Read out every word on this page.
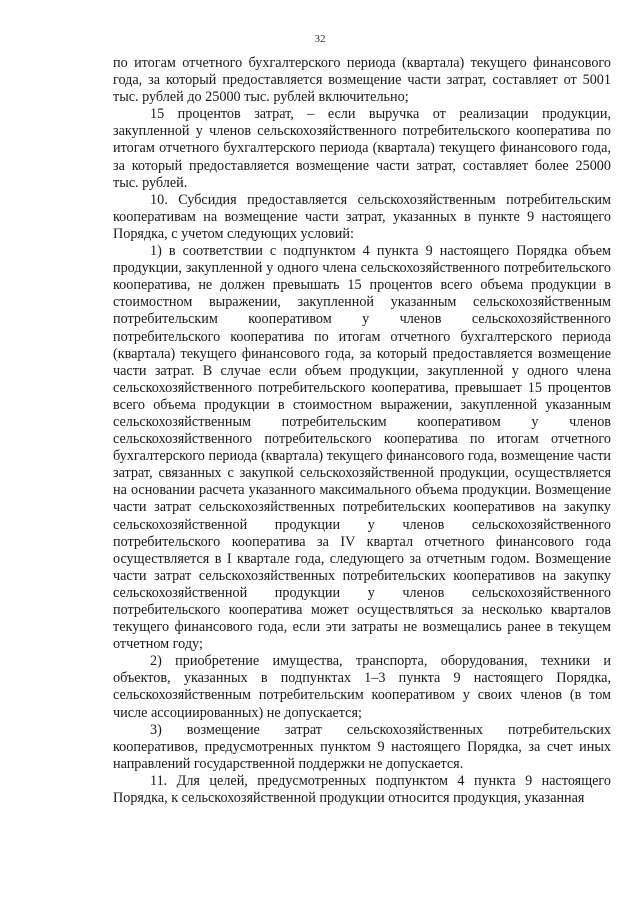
32

по итогам отчетного бухгалтерского периода (квартала) текущего финансового года, за который предоставляется возмещение части затрат, составляет от 5001 тыс. рублей до 25000 тыс. рублей включительно;

15 процентов затрат, – если выручка от реализации продукции, закупленной у членов сельскохозяйственного потребительского кооператива по итогам отчетного бухгалтерского периода (квартала) текущего финансового года, за который предоставляется возмещение части затрат, составляет более 25000 тыс. рублей.

10. Субсидия предоставляется сельскохозяйственным потребительским кооперативам на возмещение части затрат, указанных в пункте 9 настоящего Порядка, с учетом следующих условий:

1) в соответствии с подпунктом 4 пункта 9 настоящего Порядка объем продукции, закупленной у одного члена сельскохозяйственного потребительского кооператива, не должен превышать 15 процентов всего объема продукции в стоимостном выражении, закупленной указанным сельскохозяйственным потребительским кооперативом у членов сельскохозяйственного потребительского кооператива по итогам отчетного бухгалтерского периода (квартала) текущего финансового года, за который предоставляется возмещение части затрат. В случае если объем продукции, закупленной у одного члена сельскохозяйственного потребительского кооператива, превышает 15 процентов всего объема продукции в стоимостном выражении, закупленной указанным сельскохозяйственным потребительским кооперативом у членов сельскохозяйственного потребительского кооператива по итогам отчетного бухгалтерского периода (квартала) текущего финансового года, возмещение части затрат, связанных с закупкой сельскохозяйственной продукции, осуществляется на основании расчета указанного максимального объема продукции. Возмещение части затрат сельскохозяйственных потребительских кооперативов на закупку сельскохозяйственной продукции у членов сельскохозяйственного потребительского кооператива за IV квартал отчетного финансового года осуществляется в I квартале года, следующего за отчетным годом. Возмещение части затрат сельскохозяйственных потребительских кооперативов на закупку сельскохозяйственной продукции у членов сельскохозяйственного потребительского кооператива может осуществляться за несколько кварталов текущего финансового года, если эти затраты не возмещались ранее в текущем отчетном году;

2) приобретение имущества, транспорта, оборудования, техники и объектов, указанных в подпунктах 1–3 пункта 9 настоящего Порядка, сельскохозяйственным потребительским кооперативом у своих членов (в том числе ассоциированных) не допускается;

3) возмещение затрат сельскохозяйственных потребительских кооперативов, предусмотренных пунктом 9 настоящего Порядка, за счет иных направлений государственной поддержки не допускается.

11. Для целей, предусмотренных подпунктом 4 пункта 9 настоящего Порядка, к сельскохозяйственной продукции относится продукция, указанная
